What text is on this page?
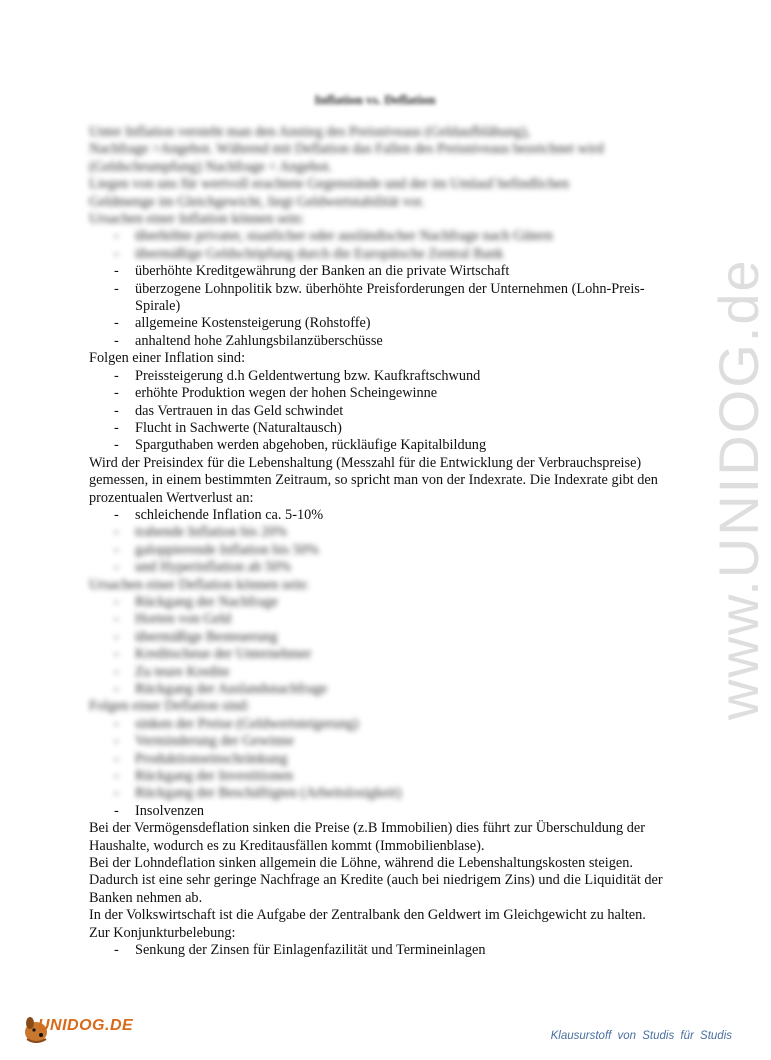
www.UNIDOG.de
Inflation vs. Deflation

Unter Inflation versteht man den Anstieg des Preisniveaus (Geldaufblähung),

Nachfrage >Angebot. Während mit Deflation das Fallen des Preisniveaus bezeichnet wird

(Geldschrumpfung) Nachfrage < Angebot.

Liegen von uns für wertvoll erachtete Gegenstände und der im Umlauf befindlichen

Geldmenge im Gleichgewicht, liegt Geldwertstabilität vor.

Ursachen einer Inflation können sein:

- überhöhte privater, staatlicher oder ausländischer Nachfrage nach Gütern
- übermäßige Geldschöpfung durch die Europäische Zentral Bank
- überhöhte Kreditgewährung der Banken an die private Wirtschaft
- überzogene Lohnpolitik bzw. überhöhte Preisforderungen der Unternehmen (Lohn-Preis-Spirale)
- allgemeine Kostensteigerung (Rohstoffe)
- anhaltend hohe Zahlungsbilanzüberschüsse

Folgen einer Inflation sind:

- Preissteigerung d.h Geldentwertung bzw. Kaufkraftschwund
- erhöhte Produktion wegen der hohen Scheingewinne
- das Vertrauen in das Geld schwindet
- Flucht in Sachwerte (Naturaltausch)
- Sparguthaben werden abgehoben, rückläufige Kapitalbildung

Wird der Preisindex für die Lebenshaltung (Messzahl für die Entwicklung der Verbrauchspreise) gemessen, in einem bestimmten Zeitraum, so spricht man von der Indexrate. Die Indexrate gibt den prozentualen Wertverlust an:

- schleichende Inflation ca. 5-10%
- trabende Inflation bis 20%
- galoppierende Inflation bis 50%
- und Hyperinflation ab 50%

Ursachen einer Deflation können sein:

- Rückgang der Nachfrage
- Horten von Geld
- übermäßige Besteuerung
- Kreditscheue der Unternehmer
- Zu teure Kredite
- Rückgang der Auslandsnachfrage

Folgen einer Deflation sind:

- sinken der Preise (Geldwertsteigerung)
- Verminderung der Gewinne
- Produktionseinschränkung
- Rückgang der Investitionen
- Rückgang der Beschäftigten (Arbeitslosigkeit)
- Insolvenzen

Bei der Vermögensdeflation sinken die Preise (z.B Immobilien) dies führt zur Überschuldung der Haushalte, wodurch es zu Kreditausfällen kommt (Immobilienblase).

Bei der Lohndeflation sinken allgemein die Löhne, während die Lebenshaltungskosten steigen. Dadurch ist eine sehr geringe Nachfrage an Kredite (auch bei niedrigem Zins) und die Liquidität der Banken nehmen ab.

In der Volkswirtschaft ist die Aufgabe der Zentralbank den Geldwert im Gleichgewicht zu halten.

Zur Konjunkturbelebung:

- Senkung der Zinsen für Einlagenfazilität und Termineinlagen
UNIDOG.DE
Klausurstoff von Studis für Studis
